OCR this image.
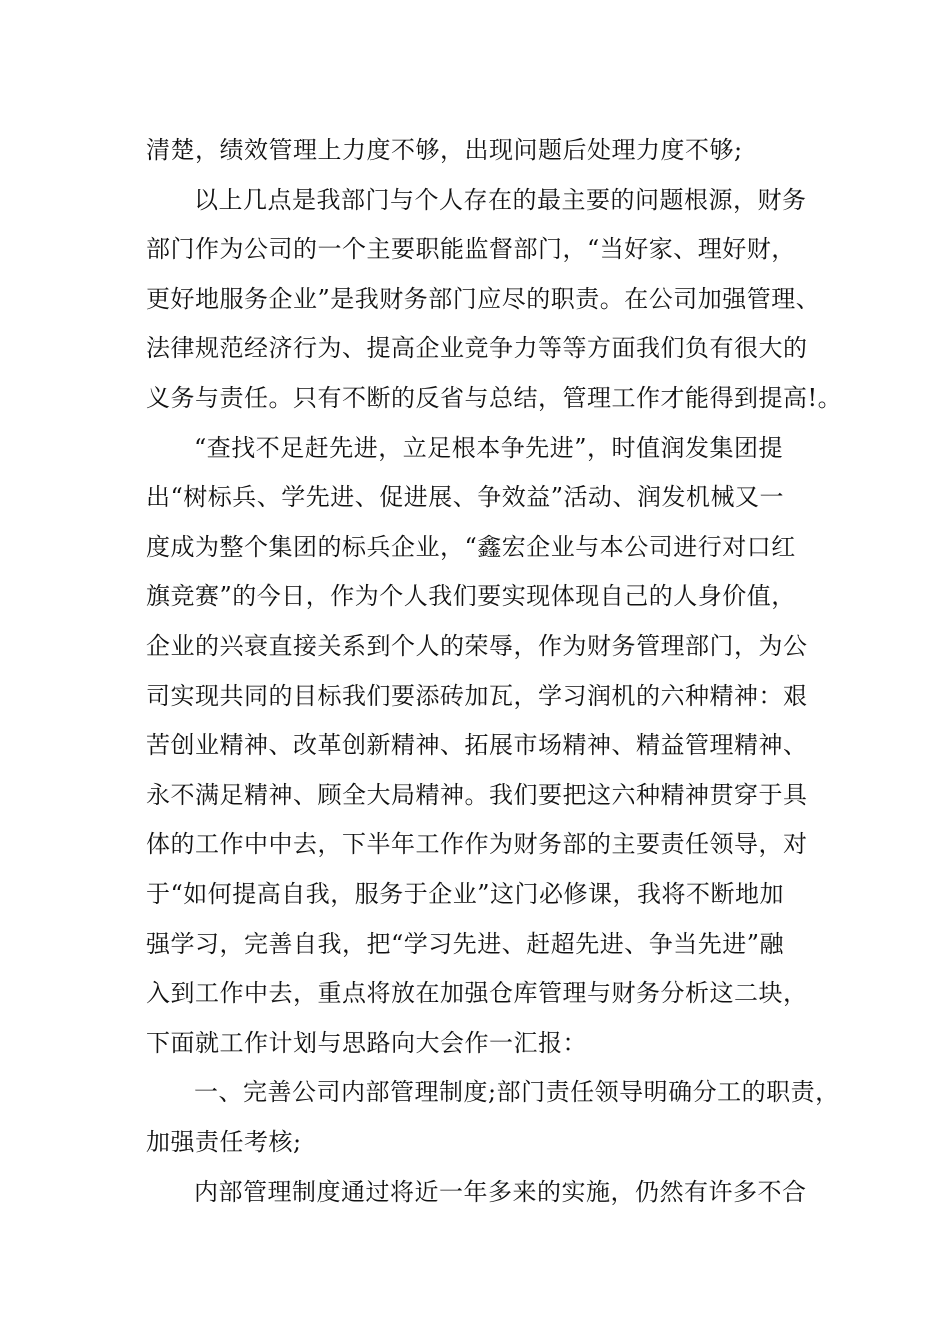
清楚，绩效管理上力度不够，出现问题后处理力度不够;
以上几点是我部门与个人存在的最主要的问题根源，财务
部门作为公司的一个主要职能监督部门，“当好家、理好财，
更好地服务企业”是我财务部门应尽的职责。在公司加强管理、
法律规范经济行为、提高企业竞争力等等方面我们负有很大的
义务与责任。只有不断的反省与总结，管理工作才能得到提高!。
“查找不足赶先进，立足根本争先进”，时值润发集团提
出“树标兵、学先进、促进展、争效益”活动、润发机械又一
度成为整个集团的标兵企业，“鑫宏企业与本公司进行对口红
旗竞赛”的今日，作为个人我们要实现体现自己的人身价值，
企业的兴衰直接关系到个人的荣辱，作为财务管理部门，为公
司实现共同的目标我们要添砖加瓦，学习润机的六种精神：艰
苦创业精神、改革创新精神、拓展市场精神、精益管理精神、
永不满足精神、顾全大局精神。我们要把这六种精神贯穿于具
体的工作中中去，下半年工作作为财务部的主要责任领导，对
于“如何提高自我，服务于企业”这门必修课，我将不断地加
强学习，完善自我，把“学习先进、赶超先进、争当先进”融
入到工作中去，重点将放在加强仓库管理与财务分析这二块，
下面就工作计划与思路向大会作一汇报：
一、完善公司内部管理制度;部门责任领导明确分工的职责，
加强责任考核;
内部管理制度通过将近一年多来的实施，仍然有许多不合
